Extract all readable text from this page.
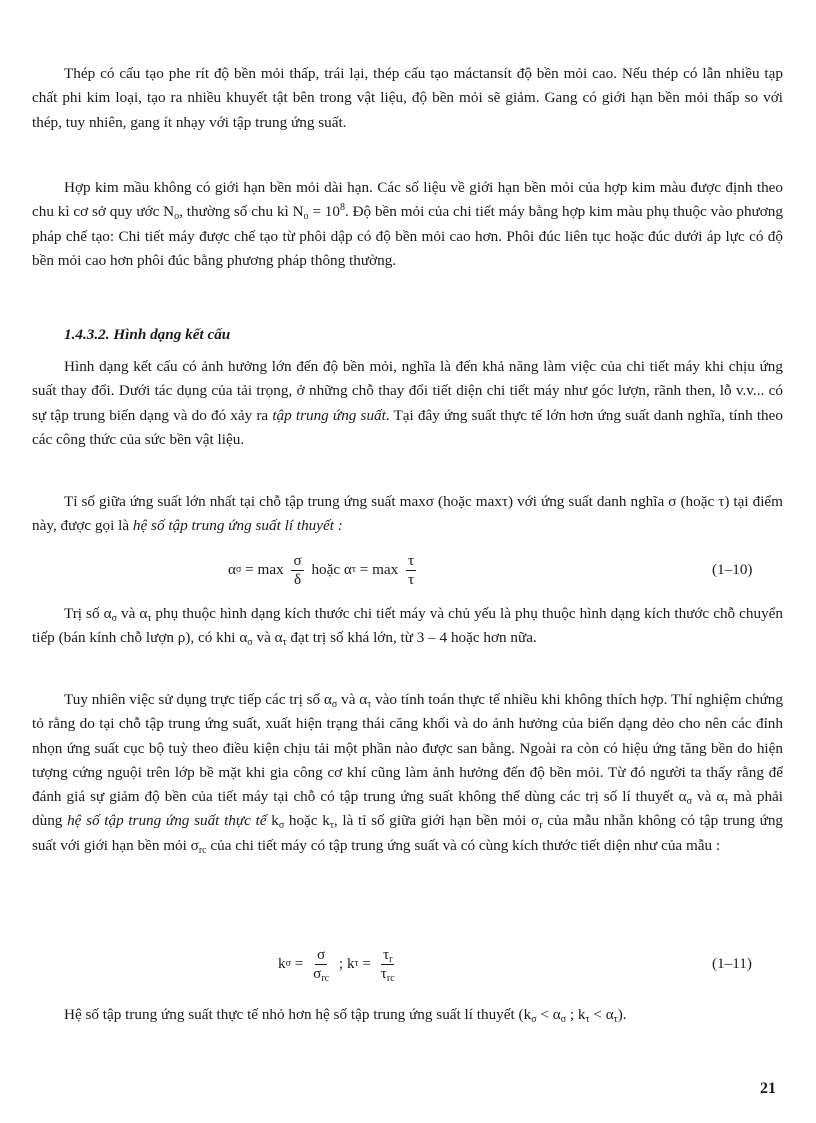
Thép có cấu tạo phe rít độ bền mỏi thấp, trái lại, thép cấu tạo máctansít độ bền mỏi cao. Nếu thép có lẫn nhiều tạp chất phi kim loại, tạo ra nhiều khuyết tật bên trong vật liệu, độ bền mỏi sẽ giảm. Gang có giới hạn bền mỏi thấp so với thép, tuy nhiên, gang ít nhạy với tập trung ứng suất.

Hợp kim mầu không có giới hạn bền mỏi dài hạn. Các số liệu về giới hạn bền mỏi của hợp kim màu được định theo chu kì cơ sở quy ước $N_o$, thường số chu kì $N_o = 10^8$. Độ bền mỏi của chi tiết máy bằng hợp kim màu phụ thuộc vào phương pháp chế tạo: Chi tiết máy được chế tạo từ phôi dập có độ bền mỏi cao hơn. Phôi đúc liên tục hoặc đúc dưới áp lực có độ bền mỏi cao hơn phôi đúc bằng phương pháp thông thường.

1.4.3.2. Hình dạng kết cấu

Hình dạng kết cấu có ảnh hưởng lớn đến độ bền mỏi, nghĩa là đến khả năng làm việc của chi tiết máy khi chịu ứng suất thay đổi. Dưới tác dụng của tải trọng, ở những chỗ thay đổi tiết diện chi tiết máy như góc lượn, rãnh then, lỗ v.v... có sự tập trung biến dạng và do đó xảy ra tập trung ứng suất. Tại đây ứng suất thực tế lớn hơn ứng suất danh nghĩa, tính theo các công thức của sức bền vật liệu.

Tỉ số giữa ứng suất lớn nhất tại chỗ tập trung ứng suất maxσ (hoặc maxτ) với ứng suất danh nghĩa σ (hoặc τ) tại điểm này, được gọi là hệ số tập trung ứng suất lí thuyết :

α $\sigma = \max \frac{\sigma}{\delta}$ hoặc α $\tau = \max \frac{\tau}{\tau}$	(1–10)

Trị số $\alpha_\sigma$ và $\alpha_\tau$ phụ thuộc hình dạng kích thước chi tiết máy và chủ yếu là phụ thuộc hình dạng kích thước chỗ chuyển tiếp (bán kính chỗ lượn ρ), có khi $\alpha_\sigma$ và $\alpha_\tau$ đạt trị số khá lớn, từ 3 – 4 hoặc hơn nữa.

Tuy nhiên việc sử dụng trực tiếp các trị số $\alpha_\sigma$ và $\alpha_\tau$ vào tính toán thực tế nhiều khi không thích hợp. Thí nghiệm chứng tỏ rằng do tại chỗ tập trung ứng suất, xuất hiện trạng thái căng khối và do ảnh hưởng của biến dạng dẻo cho nên các đỉnh nhọn ứng suất cục bộ tuỳ theo điều kiện chịu tải một phần nào được san bằng. Ngoài ra còn có hiệu ứng tăng bền do hiện tượng cứng nguội trên lớp bề mặt khi gia công cơ khí cũng làm ảnh hưởng đến độ bền mỏi. Từ đó người ta thấy rằng để đánh giá sự giảm độ bền của tiết máy tại chỗ có tập trung ứng suất không thể dùng các trị số lí thuyết $\alpha_\sigma$ và $\alpha_\tau$ mà phải dùng hệ số tập trung ứng suất thực tế $k_\sigma$ hoặc $k_\tau$, là tỉ số giữa giới hạn bền mỏi $\sigma_r$ của mẫu nhẵn không có tập trung ứng suất với giới hạn bền mỏi $\sigma_{rc}$ của chi tiết máy có tập trung ứng suất và có cùng kích thước tiết diện như của mẫu :

k $\sigma = \frac{\sigma}{\sigma_{rc}}$ ; k $\tau = \frac{\tau_r}{\tau_{rc}}$	(1–11)

Hệ số tập trung ứng suất thực tế nhỏ hơn hệ số tập trung ứng suất lí thuyết ($k_\sigma < \alpha_\sigma$ ; $k_\tau < \alpha_\tau$).

21
